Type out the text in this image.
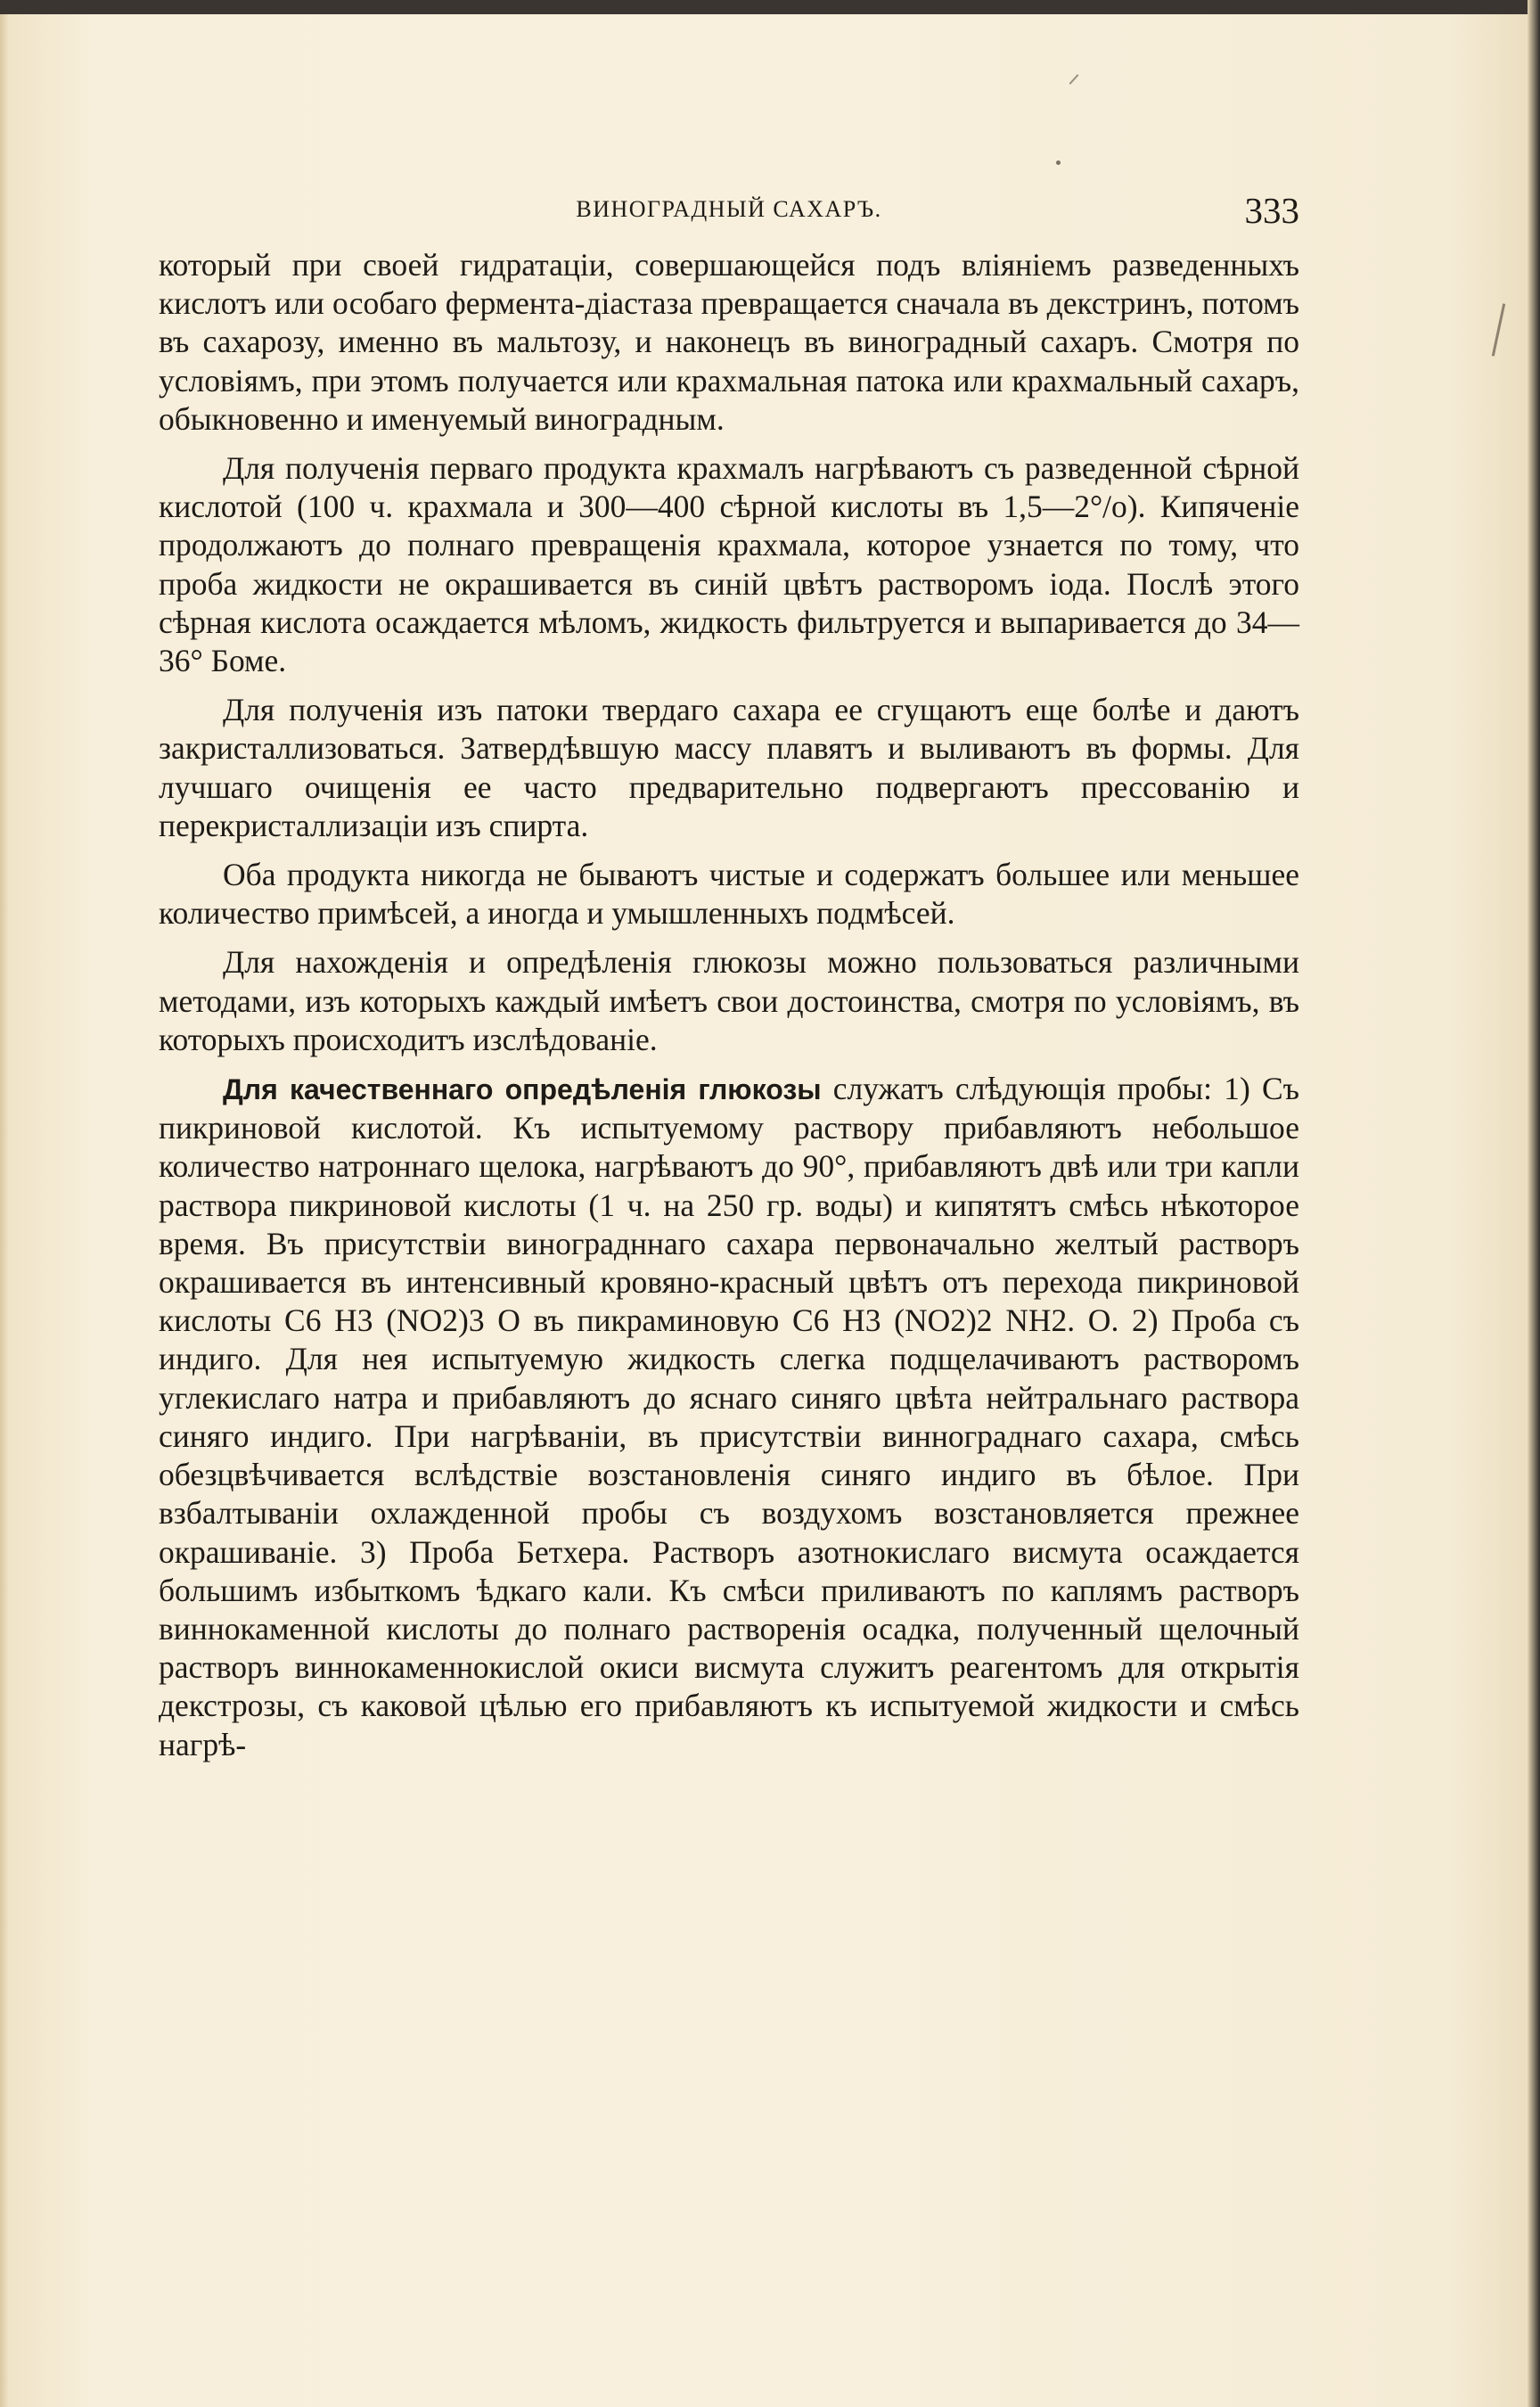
ВИНОГРАДНЫЙ САХАРЪ.	333

который при своей гидратаціи, совершающейся подъ вліяніемъ разведенныхъ кислотъ или особаго фермента-діастаза превращается сначала въ декстринъ, потомъ въ сахарозу, именно въ мальтозу, и наконецъ въ виноградный сахаръ. Смотря по условіямъ, при этомъ получается или крахмальная патока или крахмальный сахаръ, обыкновенно и именуемый виноградным.

Для полученія перваго продукта крахмалъ нагрѣваютъ съ разведенной сѣрной кислотой (100 ч. крахмала и 300—400 сѣрной кислоты въ 1,5—2°/о). Кипяченіе продолжаютъ до полнаго превращенія крахмала, которое узнается по тому, что проба жидкости не окрашивается въ синій цвѣтъ растворомъ іода. Послѣ этого сѣрная кислота осаждается мѣломъ, жидкость фильтруется и выпаривается до 34—36° Боме.

Для полученія изъ патоки твердаго сахара ее сгущаютъ еще болѣе и даютъ закристаллизоваться. Затвердѣвшую массу плавятъ и выливаютъ въ формы. Для лучшаго очищенія ее часто предварительно подвергаютъ прессованію и перекристаллизаціи изъ спирта.

Оба продукта никогда не бываютъ чистые и содержатъ большее или меньшее количество примѣсей, а иногда и умышленныхъ подмѣсей.

Для нахожденія и опредѣленія глюкозы можно пользоваться различными методами, изъ которыхъ каждый имѣетъ свои достоинства, смотря по условіямъ, въ которыхъ происходитъ изслѣдованіе.

Для качественнаго опредѣленія глюкозы служатъ слѣдующія пробы: 1) Съ пикриновой кислотой. Къ испытуемому раствору прибавляютъ небольшое количество натроннаго щелока, нагрѣваютъ до 90°, прибавляютъ двѣ или три капли раствора пикриновой кислоты (1 ч. на 250 гр. воды) и кипятятъ смѣсь нѣкоторое время. Въ присутствіи виноградннаго сахара первоначально желтый растворъ окрашивается въ интенсивный кровяно-красный цвѣтъ отъ перехода пикриновой кислоты C6 H3 (NO2)3 O въ пикраминовую C6 H3 (NO2)2 NH2. O. 2) Проба съ индиго. Для нея испытуемую жидкость слегка подщелачиваютъ растворомъ углекислаго натра и прибавляютъ до яснаго синяго цвѣта нейтральнаго раствора синяго индиго. При нагрѣваніи, въ присутствіи виннограднаго сахара, смѣсь обезцвѣчивается вслѣдствіе возстановленія синяго индиго въ бѣлое. При взбалтываніи охлажденной пробы съ воздухомъ возстановляется прежнее окрашиваніе. 3) Проба Бетхера. Растворъ азотнокислаго висмута осаждается большимъ избыткомъ ѣдкаго кали. Къ смѣси приливаютъ по каплямъ растворъ виннокаменной кислоты до полнаго растворенія осадка, полученный щелочный растворъ виннокаменнокислой окиси висмута служитъ реагентомъ для открытія декстрозы, съ каковой цѣлью его прибавляютъ къ испытуемой жидкости и смѣсь нагрѣ-
